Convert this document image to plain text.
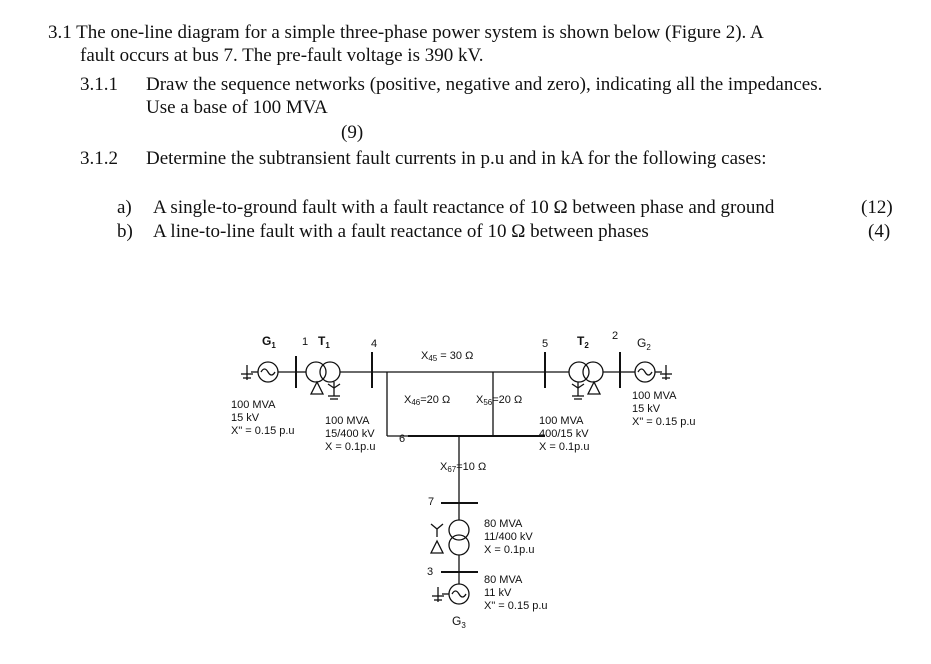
3.1 The one-line diagram for a simple three-phase power system is shown below (Figure 2). A
fault occurs at bus 7. The pre-fault voltage is 390 kV.
3.1.1 Draw the sequence networks (positive, negative and zero), indicating all the impedances.
Use a base of 100 MVA
(9)
3.1.2 Determine the subtransient fault currents in p.u and in kA for the following cases:
a) A single-to-ground fault with a fault reactance of 10 Ω between phase and ground	(12)
b) A line-to-line fault with a fault reactance of 10 Ω between phases	(4)
$G_1$	$T_1$	$T_2$	$G_2$
$G_3$
1	4	5
2
6
7
3
X45 = 30 Ω
X46=20 Ω X56=20 Ω
X67=10 Ω
100 MVA
15 kV
X" = 0.15 p.u
100 MVA
15/400 kV
X = 0.1p.u
100 MVA
400/15 kV
X = 0.1p.u
100 MVA
15 kV
X" = 0.15 p.u
80 MVA
11/400 kV
X = 0.1p.u
80 MVA
11 kV
X" = 0.15 p.u
